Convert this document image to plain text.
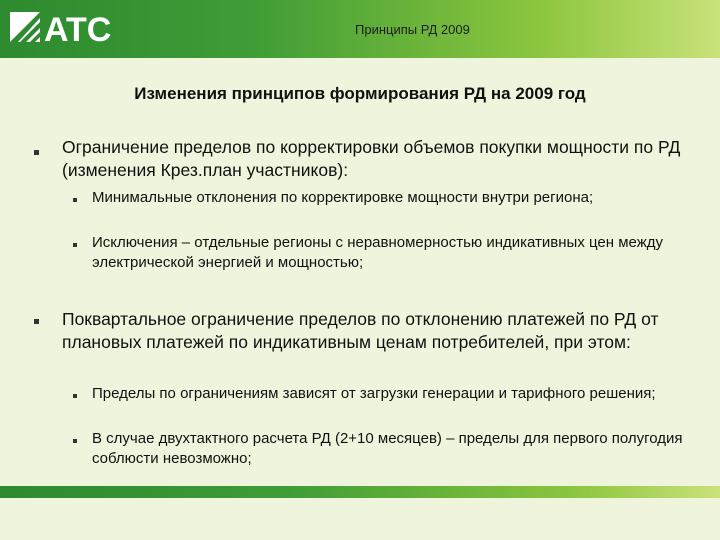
ATC	Принципы РД 2009
Изменения принципов формирования РД на 2009 год
Ограничение пределов по корректировки объемов покупки мощности по РД (изменения Крез.план участников):
Минимальные отклонения по корректировке мощности внутри региона;
Исключения – отдельные регионы с неравномерностью индикативных цен между электрической энергией и мощностью;
Поквартальное ограничение пределов по отклонению платежей по РД от плановых платежей по индикативным ценам потребителей, при этом:
Пределы по ограничениям зависят от загрузки генерации и тарифного решения;
В случае двухтактного расчета РД (2+10 месяцев) – пределы для первого полугодия соблюсти невозможно;
